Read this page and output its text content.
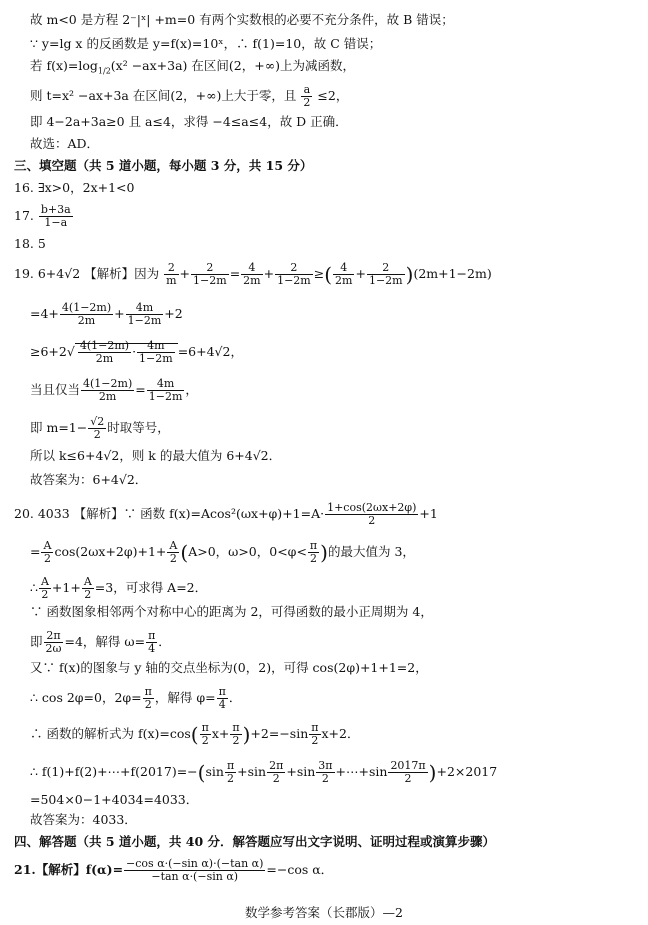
故 m<0 是方程 2⁻|ˣ| +m=0 有两个实数根的必要不充分条件，故 B 错误；
∵ y=lg x 的反函数是 y=f(x)=10ˣ，∴ f(1)=10，故 C 错误；
若 $f(x)=\log_{1/2}(x^2 -ax+3a)$ 在区间(2，+∞)上为减函数，
则 t=x² −ax+3a 在区间(2，+∞)上大于零，且 $\frac{a}{2} \le 2$，
即 4−2a+3a≥0 且 a≤4，求得 −4≤a≤4，故 D 正确．
故选：AD．
三、填空题（共 5 道小题，每小题 3 分，共 15 分）
16. ∃x>0，2x+1<0
17. $\frac{b+3a}{1-a}$
18. 5
19. 6+4√2 【解析】因为 $\frac{2}{m} + \frac{2}{1-2m} = \frac{4}{2m} + \frac{2}{1-2m}$ ≥( $\frac{4}{2m} + \frac{2}{1-2m} )(2m+1-2m)$
$=4+ \frac{4(1-2m)}{2m} + \frac{4m}{1-2m} +2$
$\ge 6+2√ \frac{4(1-2m)}{2m} \cdot \frac{4m}{1-2m} =6+4√2$，
当且仅当 $\frac{4(1-2m)}{2m} = \frac{4m}{1-2m}$ ，
即 $m=1- \frac{√2}{2}$ 时取等号，
所以 k≤6+4√2，则 k 的最大值为 6+4√2．
故答案为：6+4√2．
20. 4033 【解析】∵ 函数 $f(x)=Acos^2(\omega x+\varphi)+1=A\cdot \frac{1+\cos(2\omega x+2\varphi)}{2} +1$
= $\frac{A}{2} \cos(2\omega x+2\varphi)+1+ \frac{A}{2} (A>0$，ω>0，$0<\varphi< \frac{\pi}{2}$ )的最大值为 3，
∴ $\frac{A}{2} +1+ \frac{A}{2} =3$，可求得 A=2．
∵ 函数图象相邻两个对称中心的距离为 2，可得函数的最小正周期为 4，
即 $\frac{2\pi}{2\omega} =4$，解得 $\omega= \frac{\pi}{4}$ ．
又∵ f(x)的图象与 y 轴的交点坐标为(0，2)，可得 cos(2φ)+1+1=2，
∴ cos 2φ=0，$2\varphi= \frac{\pi}{2}$ ，解得 $\varphi= \frac{\pi}{4}$ ．
∴ 函数的解析式为 $f(x)=\cos( \frac{\pi}{2} x+ \frac{\pi}{2} )+2=-\sin \frac{\pi}{2} x+2$．
∴ f(1)+f(2)+⋯+f(2017)=−(sin $\frac{\pi}{2} +\sin \frac{2\pi}{2} +\sin \frac{3\pi}{2}$ +⋯+sin $\frac{2017\pi}{2} )+2\times 2017$
=504×0−1+4034=4033．
故答案为：4033．
四、解答题（共 5 道小题，共 40 分．解答题应写出文字说明、证明过程或演算步骤）
21.【解析】$f(\alpha)= \frac{\text{−cos α·(−sin α)·(−tan α)}}{\text{−tan α·(−sin α)}} =-\cos$ α．
数学参考答案（长郡版）—2
